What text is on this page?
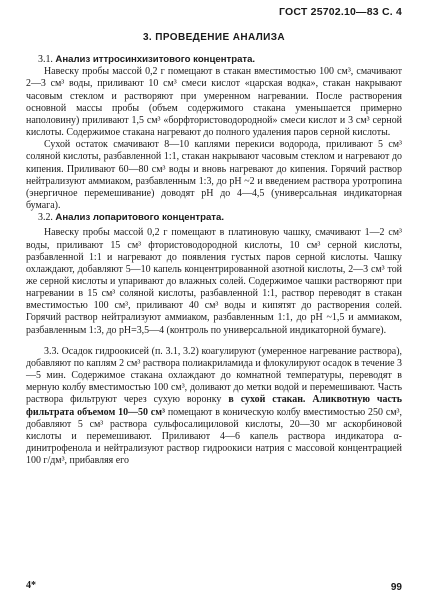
ГОСТ 25702.10—83 С. 4
3. ПРОВЕДЕНИЕ АНАЛИЗА

3.1. Анализ иттросинхизитового концентрата.

Навеску пробы массой 0,2 г помещают в стакан вместимостью 100 см³, смачивают 2—3 см³ воды, приливают 10 см³ смеси кислот «царская водка», стакан накрывают часовым стеклом и растворяют при умеренном нагревании. После растворения основной массы пробы (объем содержимого стакана уменьшается примерно наполовину) приливают 1,5 см³ «борфтористоводородной» смеси кислот и 3 см³ серной кислоты. Содержимое стакана нагревают до полного удаления паров серной кислоты.

Сухой остаток смачивают 8—10 каплями перекиси водорода, приливают 5 см³ соляной кислоты, разбавленной 1:1, стакан накрывают часовым стеклом и нагревают до кипения. Приливают 60—80 см³ воды и вновь нагревают до кипения. Горячий раствор нейтрализуют аммиаком, разбавленным 1:3, до pH ~2 и введением раствора уротропина (энергичное перемешивание) доводят pH до 4—4,5 (универсальная индикаторная бумага).

3.2. Анализ лопаритового концентрата.

Навеску пробы массой 0,2 г помещают в платиновую чашку, смачивают 1—2 см³ воды, приливают 15 см³ фтористоводородной кислоты, 10 см³ серной кислоты, разбавленной 1:1 и нагревают до появления густых паров серной кислоты. Чашку охлаждают, добавляют 5—10 капель концентрированной азотной кислоты, 2—3 см³ той же серной кислоты и упаривают до влажных солей. Содержимое чашки растворяют при нагревании в 15 см³ соляной кислоты, разбавленной 1:1, раствор переводят в стакан вместимостью 100 см³, приливают 40 см³ воды и кипятят до растворения солей. Горячий раствор нейтрализуют аммиаком, разбавленным 1:1, до pH ~1,5 и аммиаком, разбавленным 1:3, до pH=3,5—4 (контроль по универсальной индикаторной бумаге).

3.3. Осадок гидроокисей (п. 3.1, 3.2) коагулируют (умеренное нагревание раствора), добавляют по каплям 2 см³ раствора полиакриламида и флокулируют осадок в течение 3—5 мин. Содержимое стакана охлаждают до комнатной температуры, переводят в мерную колбу вместимостью 100 см³, доливают до метки водой и перемешивают. Часть раствора фильтруют через сухую воронку в сухой стакан. Аликвотную часть фильтрата объемом 10—50 см³ помещают в коническую колбу вместимостью 250 см³, добавляют 5 см³ раствора сульфосалициловой кислоты, 20—30 мг аскорбиновой кислоты и перемешивают. Приливают 4—6 капель раствора индикатора α-динитрофенола и нейтрализуют раствор гидроокиси натрия с массовой концентрацией 100 г/дм³, прибавляя его

4*	99
